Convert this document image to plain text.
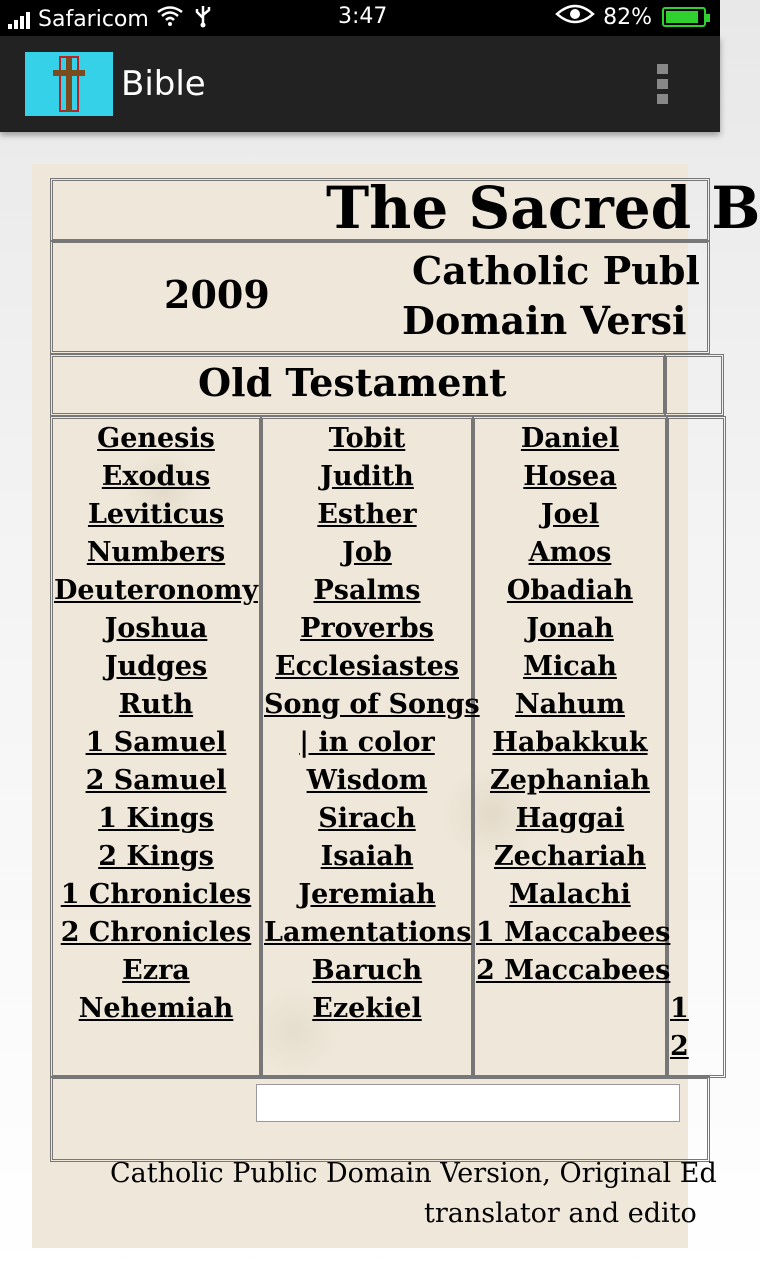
Safaricom	3:47	82%
Bible
The Sacred B
2009
Catholic Publ
Domain Versi
Old Testament
Genesis
Exodus
Leviticus
Numbers
Deuteronomy
Joshua
Judges
Ruth
1 Samuel
2 Samuel
1 Kings
2 Kings
1 Chronicles
2 Chronicles
Ezra
Nehemiah
Tobit
Judith
Esther
Job
Psalms
Proverbs
Ecclesiastes
Song of Songs
| in color
Wisdom
Sirach
Isaiah
Jeremiah
Lamentations
Baruch
Ezekiel
Daniel
Hosea
Joel
Amos
Obadiah
Jonah
Micah
Nahum
Habakkuk
Zephaniah
Haggai
Zechariah
Malachi
1 Maccabees
2 Maccabees
1
2
Catholic Public Domain Version, Original Ed
translator and edito
